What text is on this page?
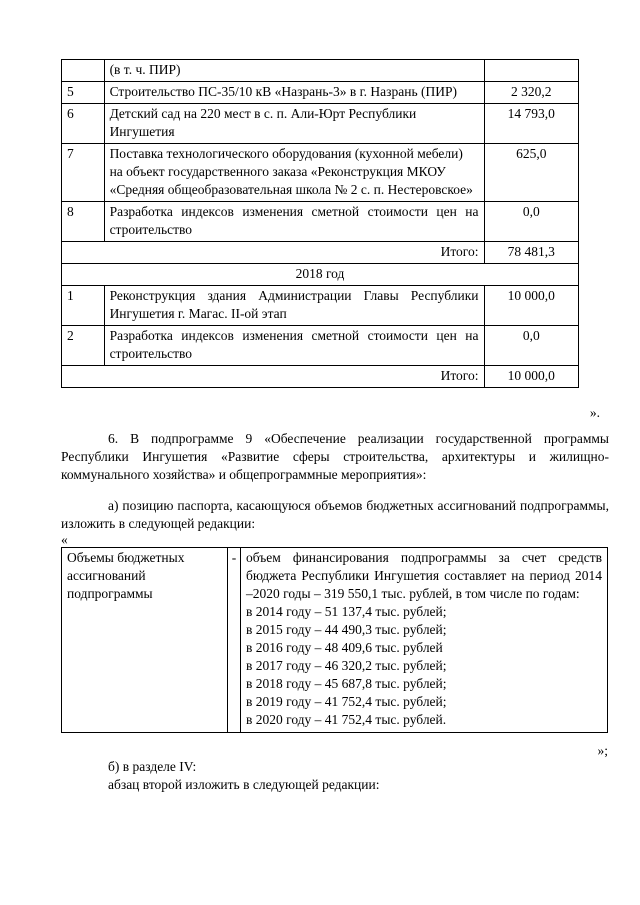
	(в т. ч. ПИР)	
5	Строительство ПС-35/10 кВ «Назрань-3» в г. Назрань (ПИР)	2 320,2
6	Детский сад на 220 мест в с. п. Али-Юрт Республики Ингушетия	14 793,0
7	Поставка технологического оборудования (кухонной мебели) на объект государственного заказа «Реконструкция МКОУ «Средняя общеобразовательная школа № 2 с. п. Нестеровское»	625,0
8	Разработка индексов изменения сметной стоимости цен на строительство	0,0
Итого:		78 481,3
2018 год		
1	Реконструкция здания Администрации Главы Республики Ингушетия г. Магас. II-ой этап	10 000,0
2	Разработка индексов изменения сметной стоимости цен на строительство	0,0
Итого:		10 000,0
».

6. В подпрограмме 9 «Обеспечение реализации государственной программы Республики Ингушетия «Развитие сферы строительства, архитектуры и жилищно-коммунального хозяйства» и общепрограммные мероприятия»:

а) позицию паспорта, касающуюся объемов бюджетных ассигнований подпрограммы, изложить в следующей редакции:

«
Объемы бюджетных ассигнований подпрограммы	-	объем финансирования подпрограммы за счет средств бюджета Республики Ингушетия составляет на период 2014 –2020 годы – 319 550,1 тыс. рублей, в том числе по годам:
в 2014 году – 51 137,4 тыс. рублей;
в 2015 году – 44 490,3 тыс. рублей;
в 2016 году – 48 409,6 тыс. рублей
в 2017 году – 46 320,2 тыс. рублей;
в 2018 году – 45 687,8 тыс. рублей;
в 2019 году – 41 752,4 тыс. рублей;
в 2020 году – 41 752,4 тыс. рублей.
»;

б) в разделе IV:

абзац второй изложить в следующей редакции:
